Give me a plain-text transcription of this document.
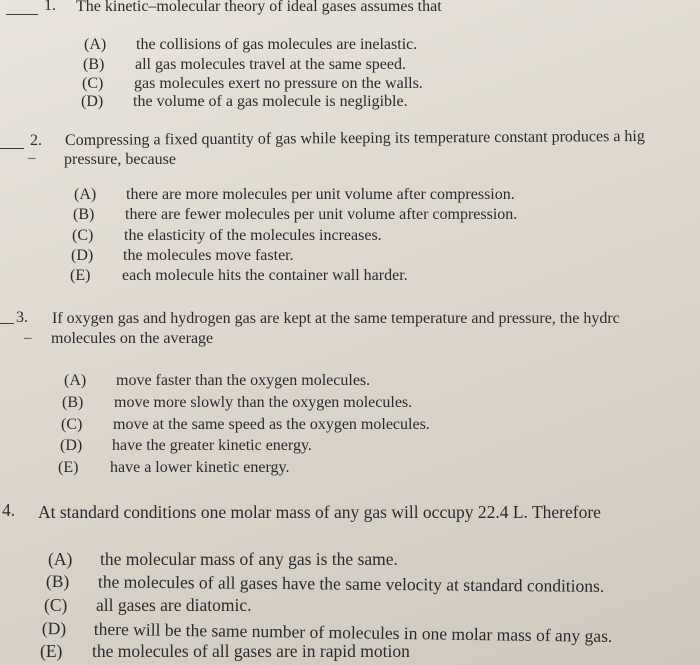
1. The kinetic–molecular theory of ideal gases assumes that
(A) the collisions of gas molecules are inelastic.
(B) all gas molecules travel at the same speed.
(C) gas molecules exert no pressure on the walls.
(D) the volume of a gas molecule is negligible.
2.
–
Compressing a fixed quantity of gas while keeping its temperature constant produces a hig
pressure, because
(A) there are more molecules per unit volume after compression.
(B) there are fewer molecules per unit volume after compression.
(C) the elasticity of the molecules increases.
(D) the molecules move faster.
(E) each molecule hits the container wall harder.
3.
–
If oxygen gas and hydrogen gas are kept at the same temperature and pressure, the hydrc
molecules on the average
(A) move faster than the oxygen molecules.
(B) move more slowly than the oxygen molecules.
(C) move at the same speed as the oxygen molecules.
(D) have the greater kinetic energy.
(E) have a lower kinetic energy.
4. At standard conditions one molar mass of any gas will occupy 22.4 L. Therefore
(A) the molecular mass of any gas is the same.
(B) the molecules of all gases have the same velocity at standard conditions.
(C) all gases are diatomic.
(D) there will be the same number of molecules in one molar mass of any gas.
(E) the molecules of all gases are in rapid motion
